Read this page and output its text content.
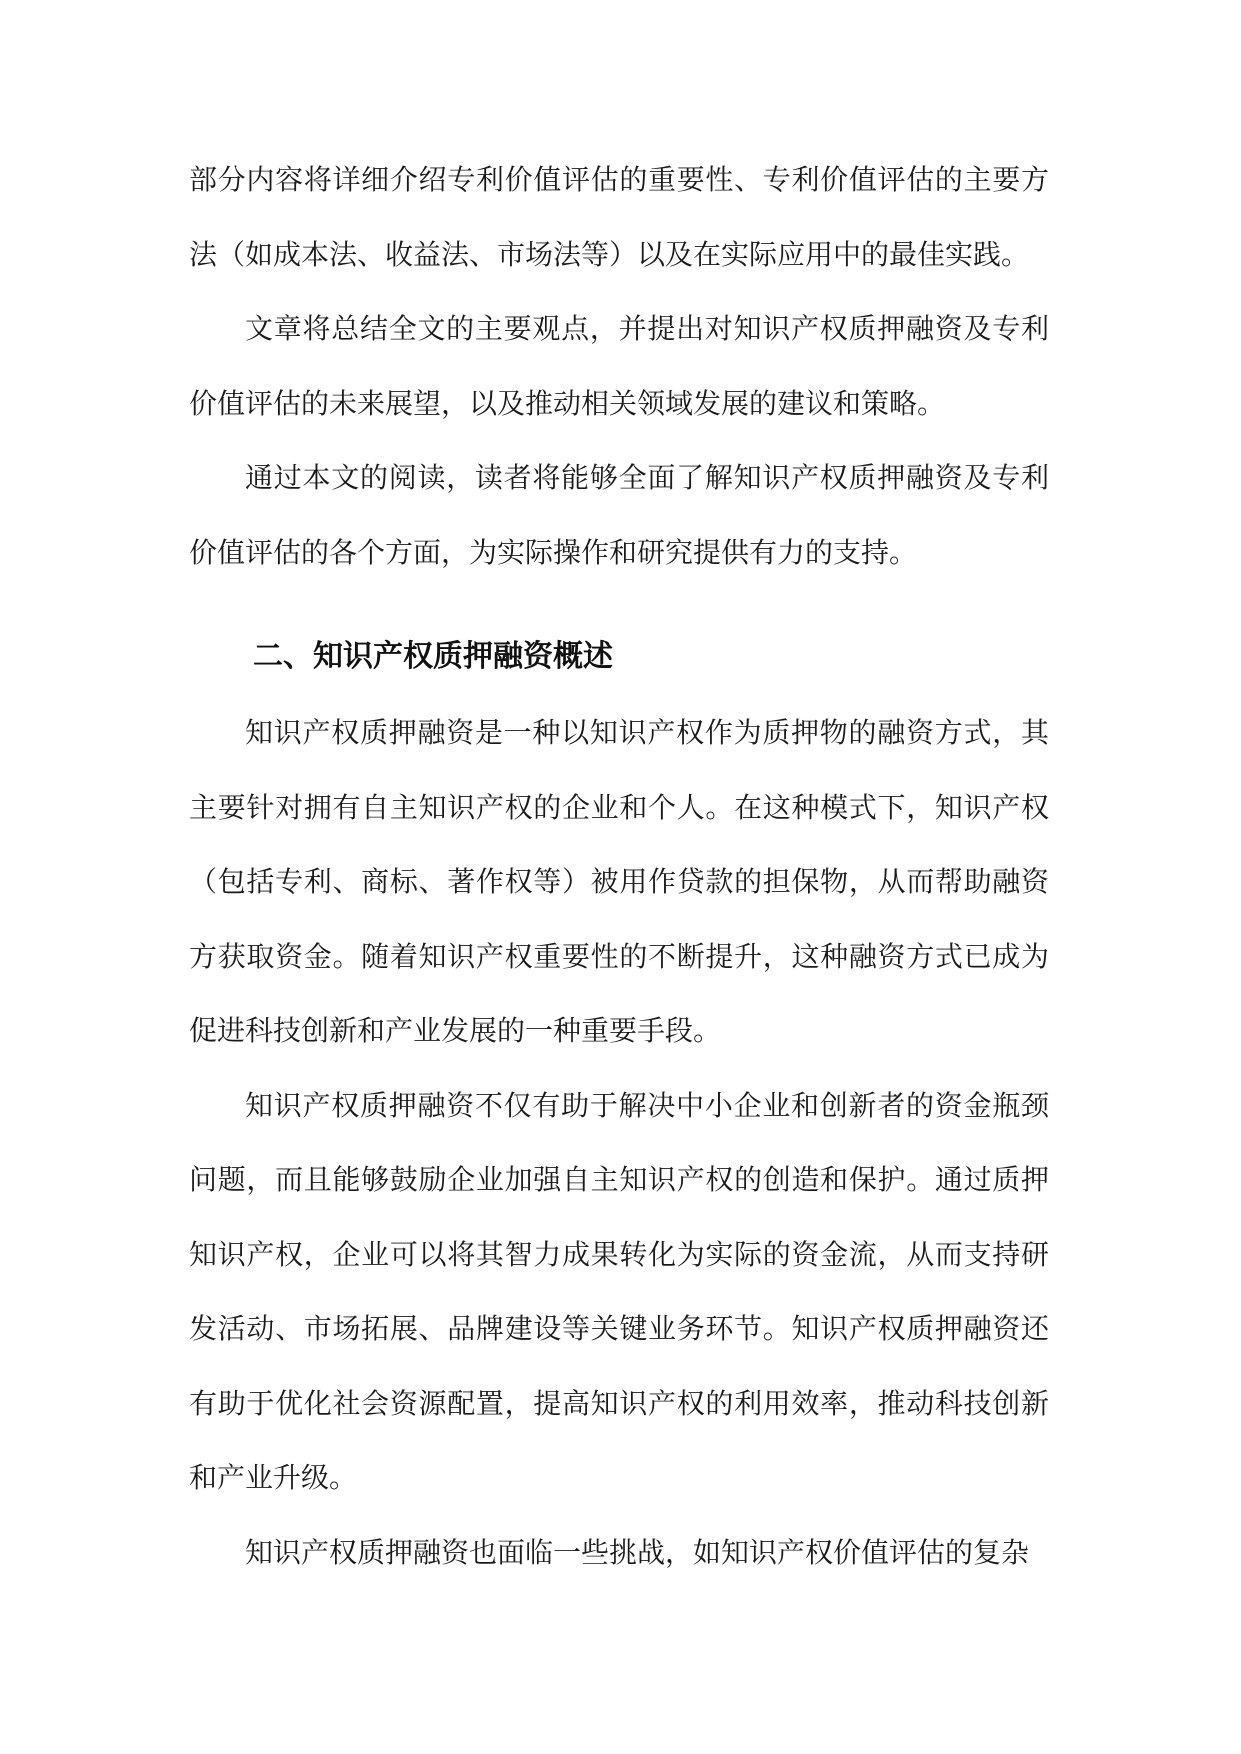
部分内容将详细介绍专利价值评估的重要性、专利价值评估的主要方法（如成本法、收益法、市场法等）以及在实际应用中的最佳实践。

文章将总结全文的主要观点，并提出对知识产权质押融资及专利价值评估的未来展望，以及推动相关领域发展的建议和策略。

通过本文的阅读，读者将能够全面了解知识产权质押融资及专利价值评估的各个方面，为实际操作和研究提供有力的支持。

二、知识产权质押融资概述

知识产权质押融资是一种以知识产权作为质押物的融资方式，其主要针对拥有自主知识产权的企业和个人。在这种模式下，知识产权（包括专利、商标、著作权等）被用作贷款的担保物，从而帮助融资方获取资金。随着知识产权重要性的不断提升，这种融资方式已成为促进科技创新和产业发展的一种重要手段。

知识产权质押融资不仅有助于解决中小企业和创新者的资金瓶颈问题，而且能够鼓励企业加强自主知识产权的创造和保护。通过质押知识产权，企业可以将其智力成果转化为实际的资金流，从而支持研发活动、市场拓展、品牌建设等关键业务环节。知识产权质押融资还有助于优化社会资源配置，提高知识产权的利用效率，推动科技创新和产业升级。

知识产权质押融资也面临一些挑战，如知识产权价值评估的复杂
